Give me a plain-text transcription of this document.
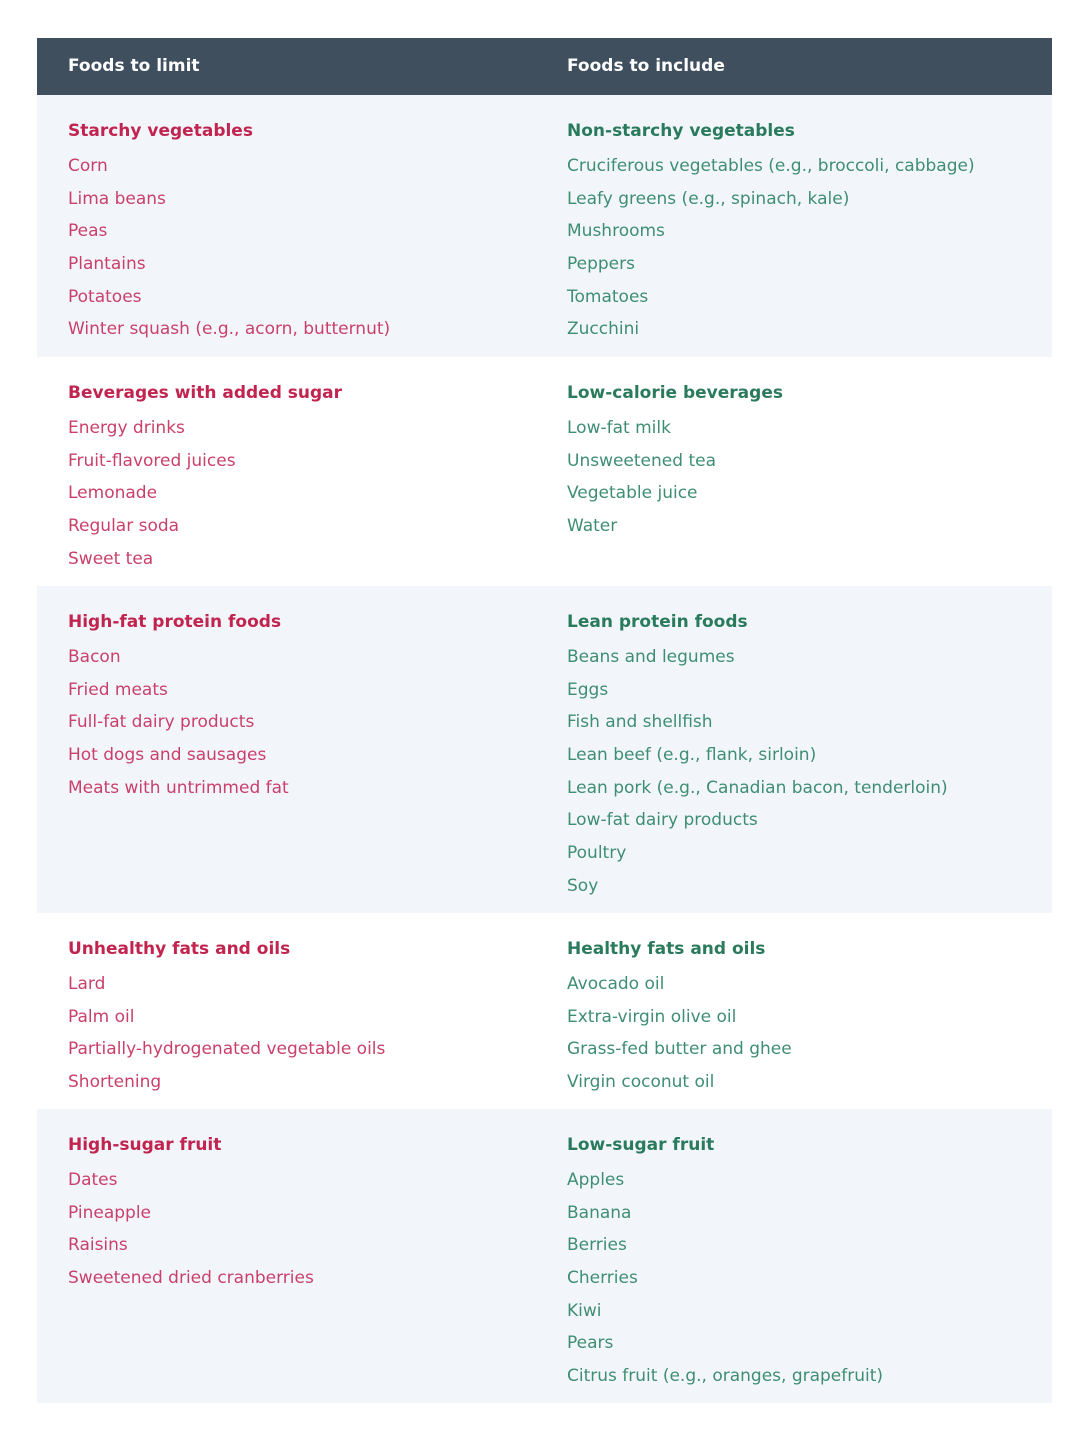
Foods to limit	Foods to include
Starchy vegetables
Corn
Lima beans
Peas
Plantains
Potatoes
Winter squash (e.g., acorn, butternut)
Non-starchy vegetables
Cruciferous vegetables (e.g., broccoli, cabbage)
Leafy greens (e.g., spinach, kale)
Mushrooms
Peppers
Tomatoes
Zucchini
Beverages with added sugar
Energy drinks
Fruit-flavored juices
Lemonade
Regular soda
Sweet tea
Low-calorie beverages
Low-fat milk
Unsweetened tea
Vegetable juice
Water
High-fat protein foods
Bacon
Fried meats
Full-fat dairy products
Hot dogs and sausages
Meats with untrimmed fat
Lean protein foods
Beans and legumes
Eggs
Fish and shellfish
Lean beef (e.g., flank, sirloin)
Lean pork (e.g., Canadian bacon, tenderloin)
Low-fat dairy products
Poultry
Soy
Unhealthy fats and oils
Lard
Palm oil
Partially-hydrogenated vegetable oils
Shortening
Healthy fats and oils
Avocado oil
Extra-virgin olive oil
Grass-fed butter and ghee
Virgin coconut oil
High-sugar fruit
Dates
Pineapple
Raisins
Sweetened dried cranberries
Low-sugar fruit
Apples
Banana
Berries
Cherries
Kiwi
Pears
Citrus fruit (e.g., oranges, grapefruit)
